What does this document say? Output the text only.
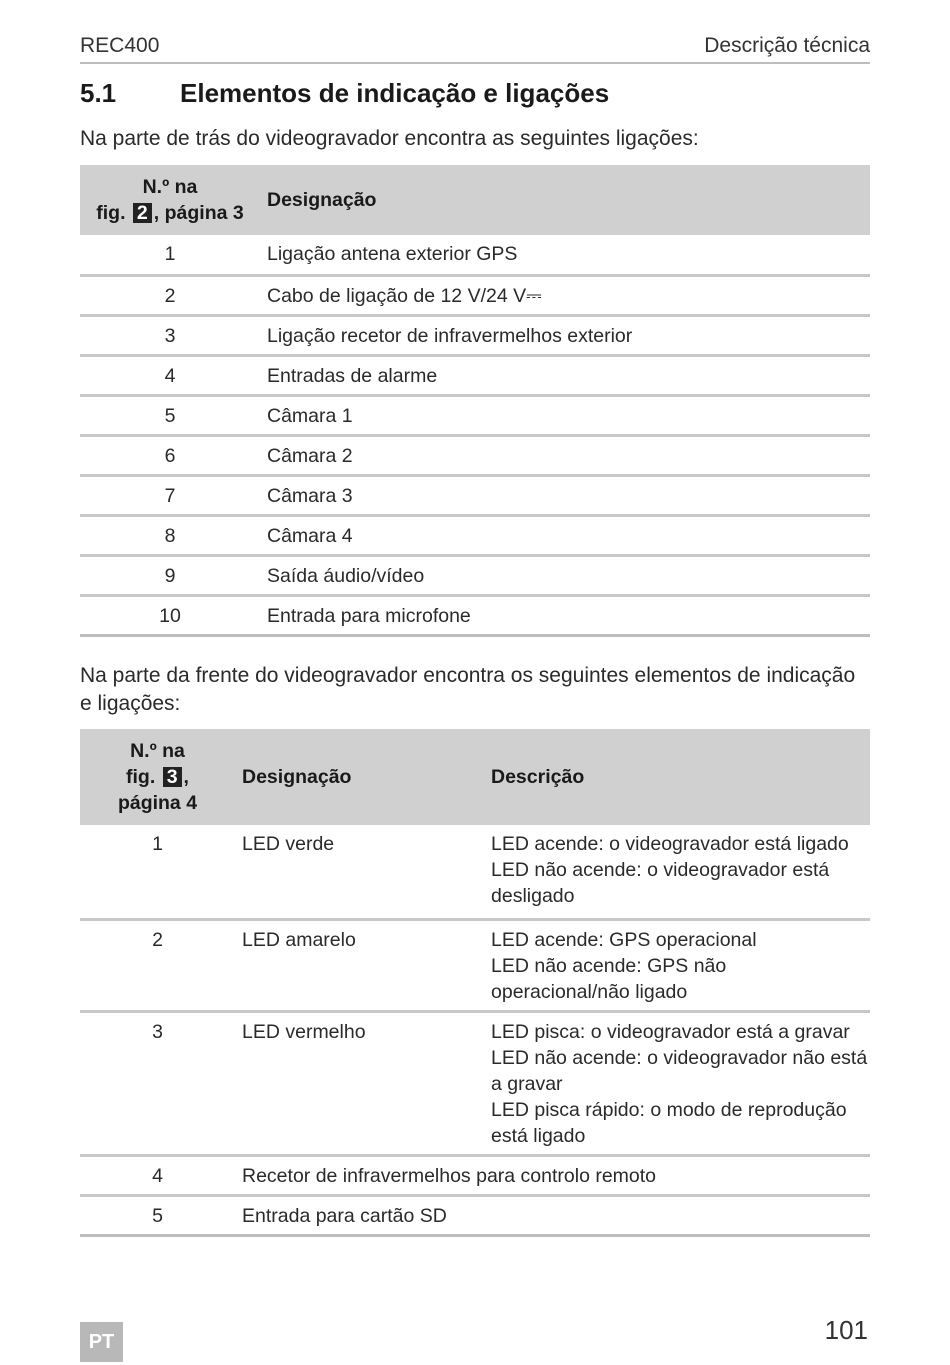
REC400	Descrição técnica
5.1	Elementos de indicação e ligações
Na parte de trás do videogravador encontra as seguintes ligações:
N.º na
fig. 2 , página 3	Designação
1	Ligação antena exterior GPS
2	Cabo de ligação de 12 V/24 V⎓
3	Ligação recetor de infravermelhos exterior
4	Entradas de alarme
5	Câmara 1
6	Câmara 2
7	Câmara 3
8	Câmara 4
9	Saída áudio/vídeo
10	Entrada para microfone
Na parte da frente do videogravador encontra os seguintes elementos de indicação e ligações:
N.º na
fig. 3 ,
página 4	Designação	Descrição
1	LED verde	LED acende: o videogravador está ligado
LED não acende: o videogravador está desligado

2	LED amarelo	LED acende: GPS operacional
LED não acende: GPS não operacional/não ligado

3	LED vermelho	LED pisca: o videogravador está a gravar
LED não acende: o videogravador não está a gravar
LED pisca rápido: o modo de reprodução está ligado

4	Recetor de infravermelhos para controlo remoto	
5	Entrada para cartão SD	
PT	101
